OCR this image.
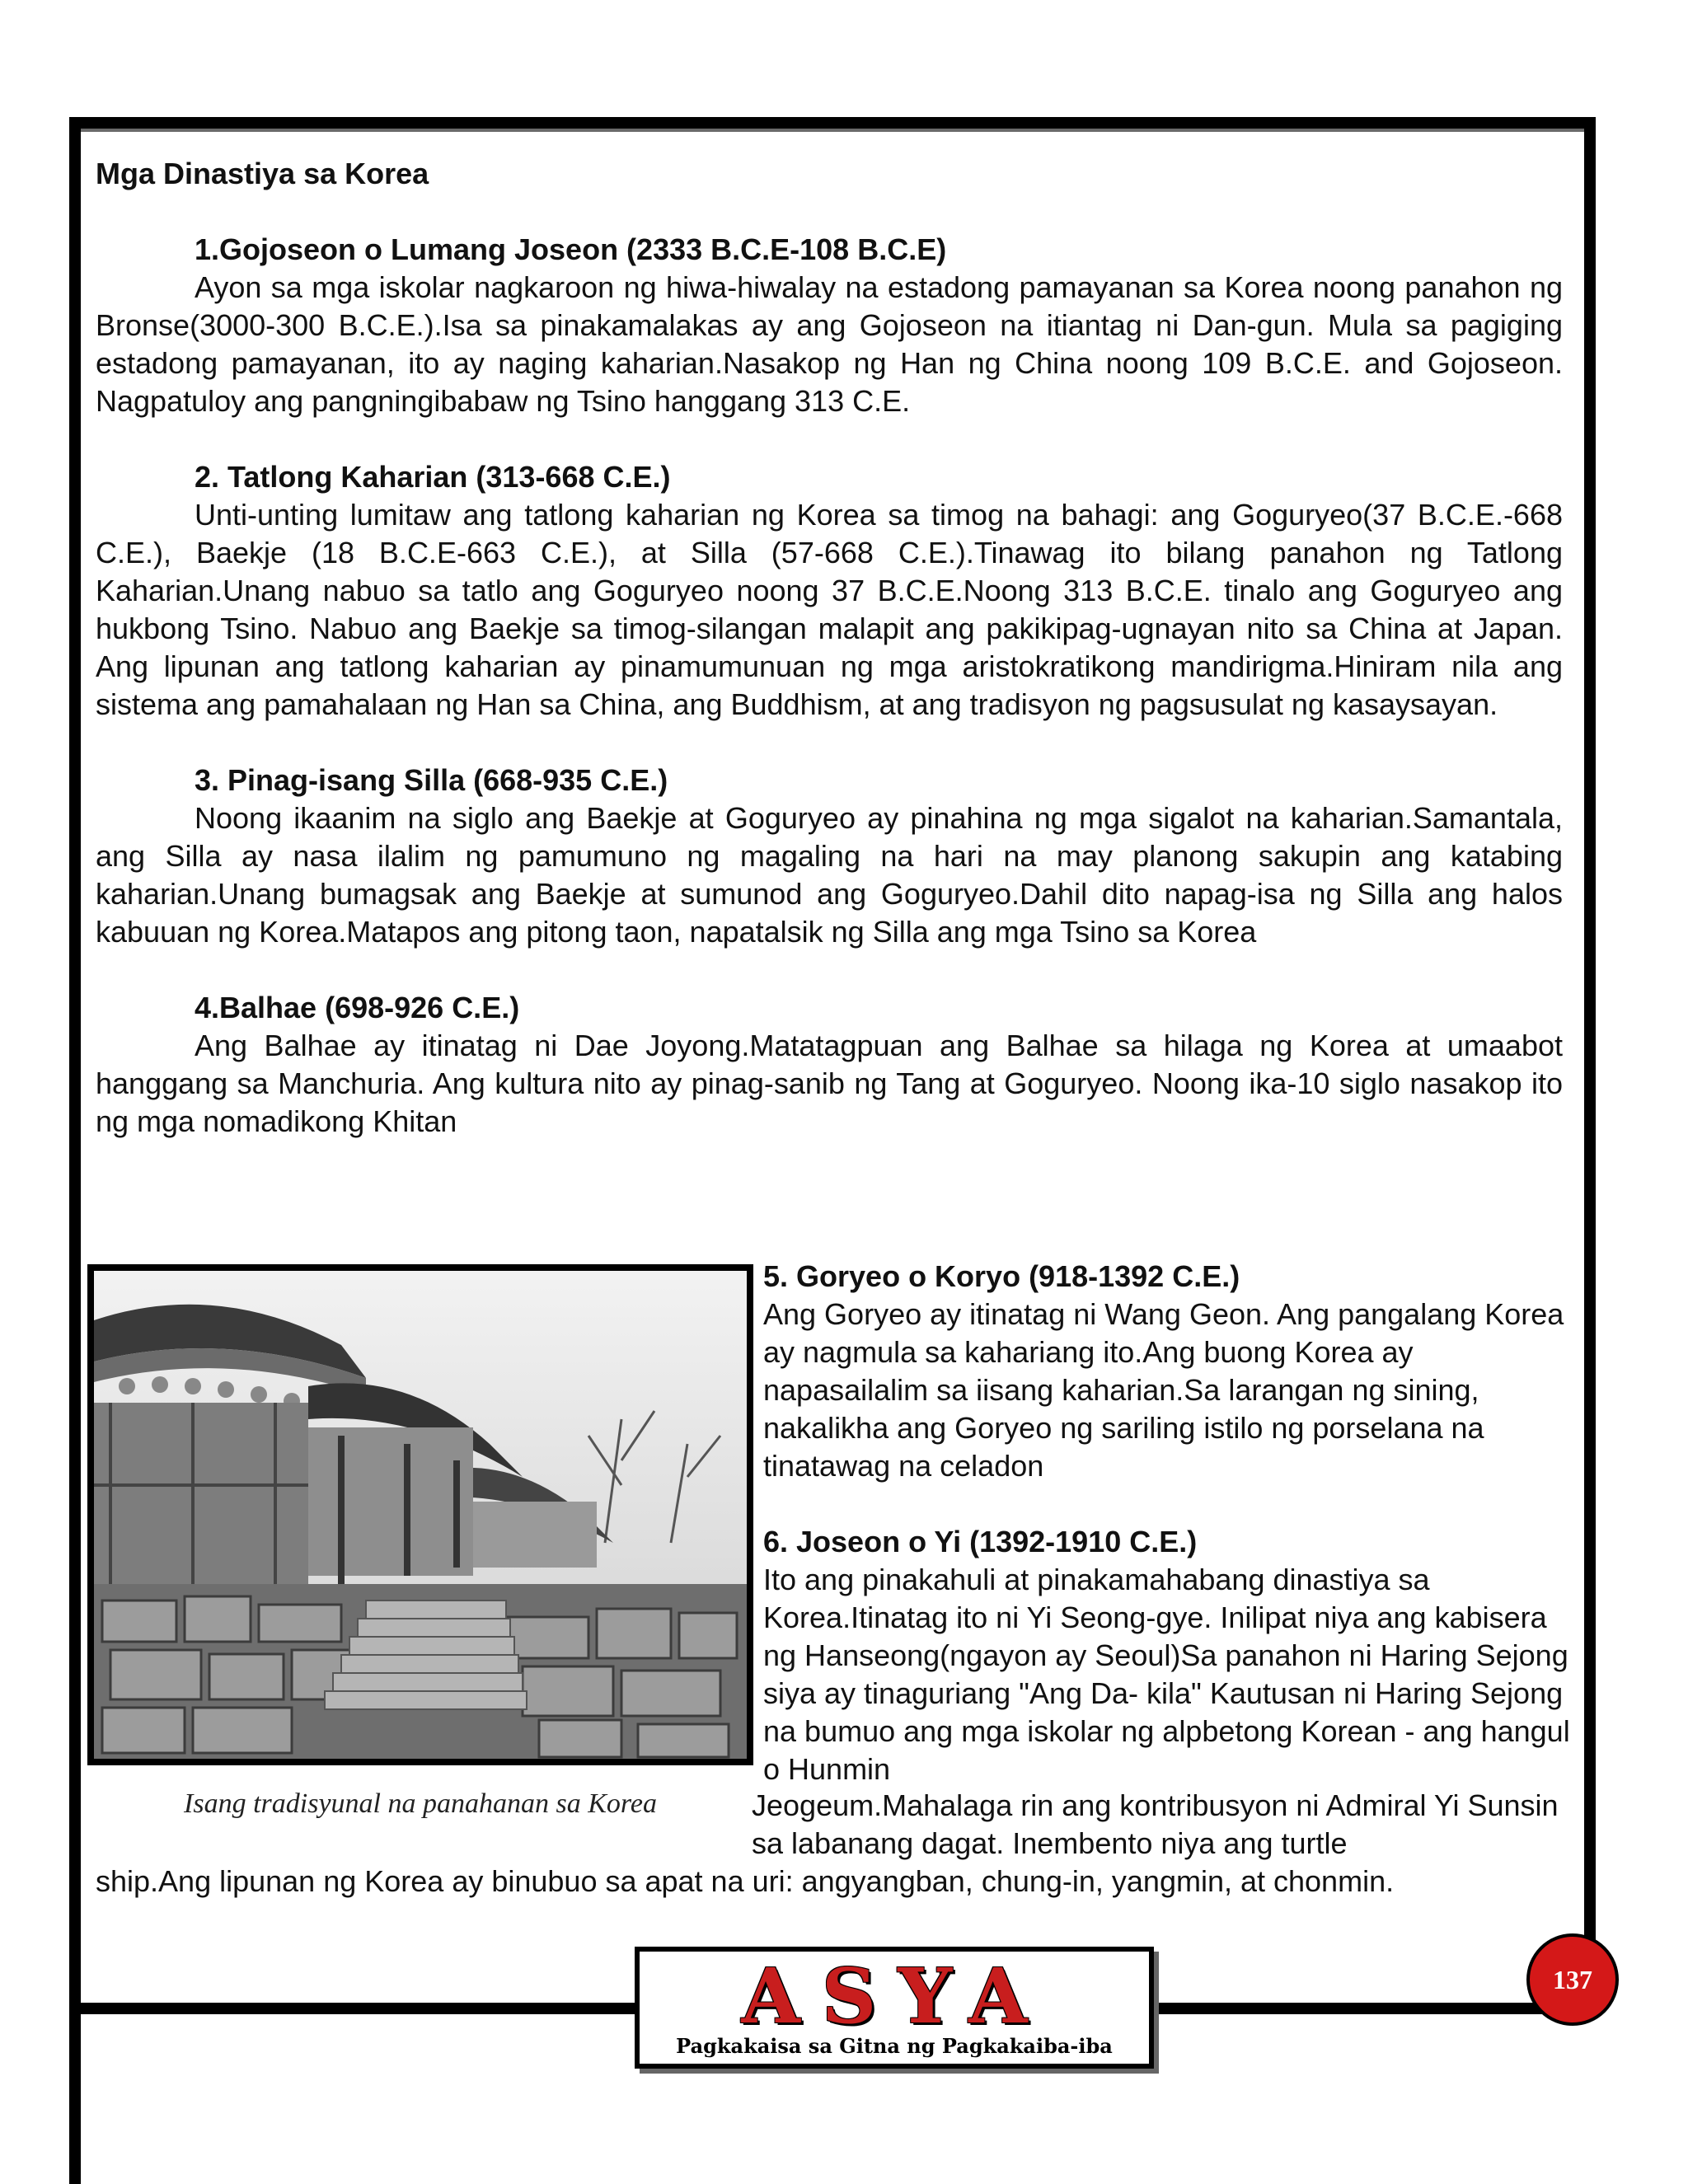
Mga Dinastiya sa Korea

1.Gojoseon o Lumang Joseon (2333 B.C.E-108 B.C.E)

Ayon sa mga iskolar nagkaroon ng hiwa-hiwalay na estadong pamayanan sa Korea noong panahon ng Bronse(3000-300 B.C.E.).Isa sa pinakamalakas ay ang Gojoseon na itiantag ni Dan-gun. Mula sa pagiging estadong pamayanan, ito ay naging kaharian.Nasakop ng Han ng China noong 109 B.C.E. and Gojoseon. Nagpatuloy ang pangningibabaw ng Tsino hanggang 313 C.E.

2. Tatlong Kaharian (313-668 C.E.)

Unti-unting lumitaw ang tatlong kaharian ng Korea sa timog na bahagi: ang Goguryeo(37 B.C.E.-668 C.E.), Baekje (18 B.C.E-663 C.E.), at Silla (57-668 C.E.).Tinawag ito bilang panahon ng Tatlong Kaharian.Unang nabuo sa tatlo ang Goguryeo noong 37 B.C.E.Noong 313 B.C.E. tinalo ang Goguryeo ang hukbong Tsino. Nabuo ang Baekje sa timog-silangan malapit ang pakikipag-ugnayan nito sa China at Japan. Ang lipunan ang tatlong kaharian ay pinamumunuan ng mga aristokratikong mandirigma.Hiniram nila ang sistema ang pamahalaan ng Han sa China, ang Buddhism, at ang tradisyon ng pagsusulat ng kasaysayan.

3. Pinag-isang Silla (668-935 C.E.)

Noong ikaanim na siglo ang Baekje at Goguryeo ay pinahina ng mga sigalot na kaharian.Samantala, ang Silla ay nasa ilalim ng pamumuno ng magaling na hari na may planong sakupin ang katabing kaharian.Unang bumagsak ang Baekje at sumunod ang Goguryeo.Dahil dito napag-isa ng Silla ang halos kabuuan ng Korea.Matapos ang pitong taon, napatalsik ng Silla ang mga Tsino sa Korea

4.Balhae (698-926 C.E.)

Ang Balhae ay itinatag ni Dae Joyong.Matatagpuan ang Balhae sa hilaga ng Korea at umaabot hanggang sa Manchuria. Ang kultura nito ay pinag-sanib ng Tang at Goguryeo. Noong ika-10 siglo nasakop ito ng mga nomadikong Khitan

Isang tradisyunal na panahanan sa Korea

5. Goryeo o Koryo (918-1392 C.E.)

Ang Goryeo ay itinatag ni Wang Geon. Ang pangalang Korea ay nagmula sa kahariang ito.Ang buong Korea ay napasailalim sa iisang kaharian.Sa larangan ng sining, nakalikha ang Goryeo ng sariling istilo ng porselana na tinatawag na celadon

6. Joseon o Yi (1392-1910 C.E.)

Ito ang pinakahuli at pinakamahabang dinastiya sa Korea.Itinatag ito ni Yi Seong-gye. Inilipat niya ang kabisera ng Hanseong(ngayon ay Seoul)Sa panahon ni Haring Sejong siya ay tinaguriang "Ang Da- kila" Kautusan ni Haring Sejong na bumuo ang mga iskolar ng alpbetong Korean - ang hangul o Hunmin

Jeogeum.Mahalaga rin ang kontribusyon ni Admiral Yi Sunsin sa labanang dagat. Inembento niya ang turtle
ship.Ang lipunan ng Korea ay binubuo sa apat na uri: angyangban, chung-in, yangmin, at chonmin.
ASYA
Pagkakaisa sa Gitna ng Pagkakaiba-iba
137
